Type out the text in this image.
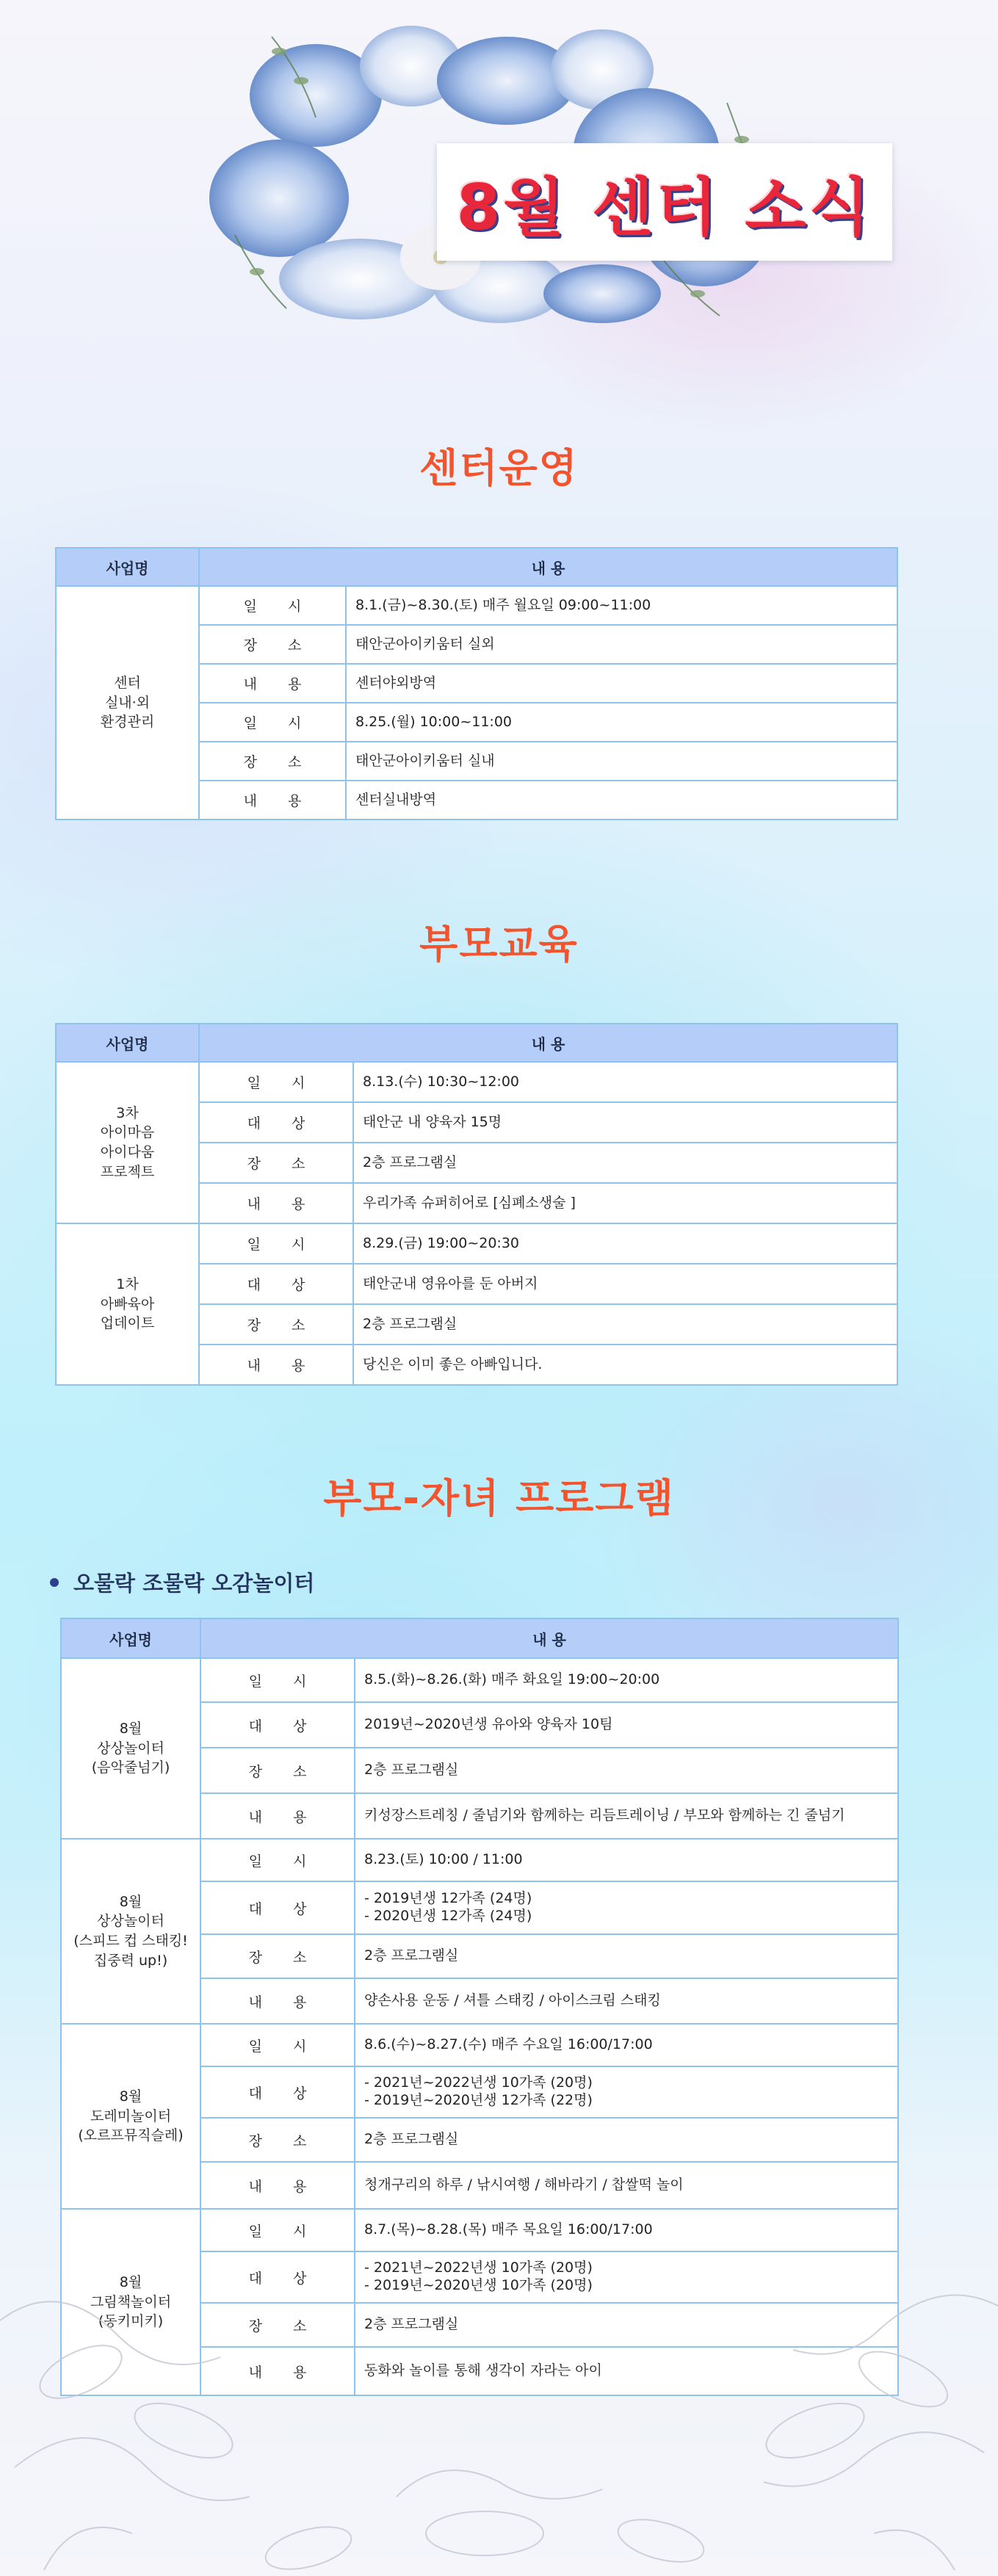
8월 센터 소식
센터운영
사업명	내 용	
센터
실내·외
환경관리	일 시	8.1.(금)~8.30.(토) 매주 월요일 09:00~11:00
	장 소	태안군아이키움터 실외
	내 용	센터야외방역
	일 시	8.25.(월) 10:00~11:00
	장 소	태안군아이키움터 실내
	내 용	센터실내방역
부모교육
사업명	내 용	
3차
아이마음
아이다움
프로젝트	일 시	8.13.(수) 10:30~12:00
	대 상	태안군 내 양육자 15명
	장 소	2층 프로그램실
	내 용	우리가족 슈퍼히어로 [심폐소생술 ]
1차
아빠육아
업데이트	일 시	8.29.(금) 19:00~20:30
	대 상	태안군내 영유아를 둔 아버지
	장 소	2층 프로그램실
	내 용	당신은 이미 좋은 아빠입니다.
부모-자녀 프로그램
오물락 조물락 오감놀이터
사업명	내 용	
8월
상상놀이터
(음악줄넘기)	일 시	8.5.(화)~8.26.(화) 매주 화요일 19:00~20:00
	대 상	2019년~2020년생 유아와 양육자 10팀
	장 소	2층 프로그램실
	내 용	키성장스트레칭 / 줄넘기와 함께하는 리듬트레이닝 / 부모와 함께하는 긴 줄넘기
8월
상상놀이터
(스피드 컵 스태킹!
집중력 up!)	일 시	8.23.(토) 10:00 / 11:00
	대 상	- 2019년생 12가족 (24명)
- 2020년생 12가족 (24명)
	장 소	2층 프로그램실
	내 용	양손사용 운동 / 셔틀 스태킹 / 아이스크림 스태킹
8월
도레미놀이터
(오르프뮤직슬레)	일 시	8.6.(수)~8.27.(수) 매주 수요일 16:00/17:00
	대 상	- 2021년~2022년생 10가족 (20명)
- 2019년~2020년생 12가족 (22명)
	장 소	2층 프로그램실
	내 용	청개구리의 하루 / 낚시여행 / 해바라기 / 찹쌀떡 놀이
8월
그림책놀이터
(동키미키)	일 시	8.7.(목)~8.28.(목) 매주 목요일 16:00/17:00
	대 상	- 2021년~2022년생 10가족 (20명)
- 2019년~2020년생 10가족 (20명)
	장 소	2층 프로그램실
	내 용	동화와 놀이를 통해 생각이 자라는 아이
